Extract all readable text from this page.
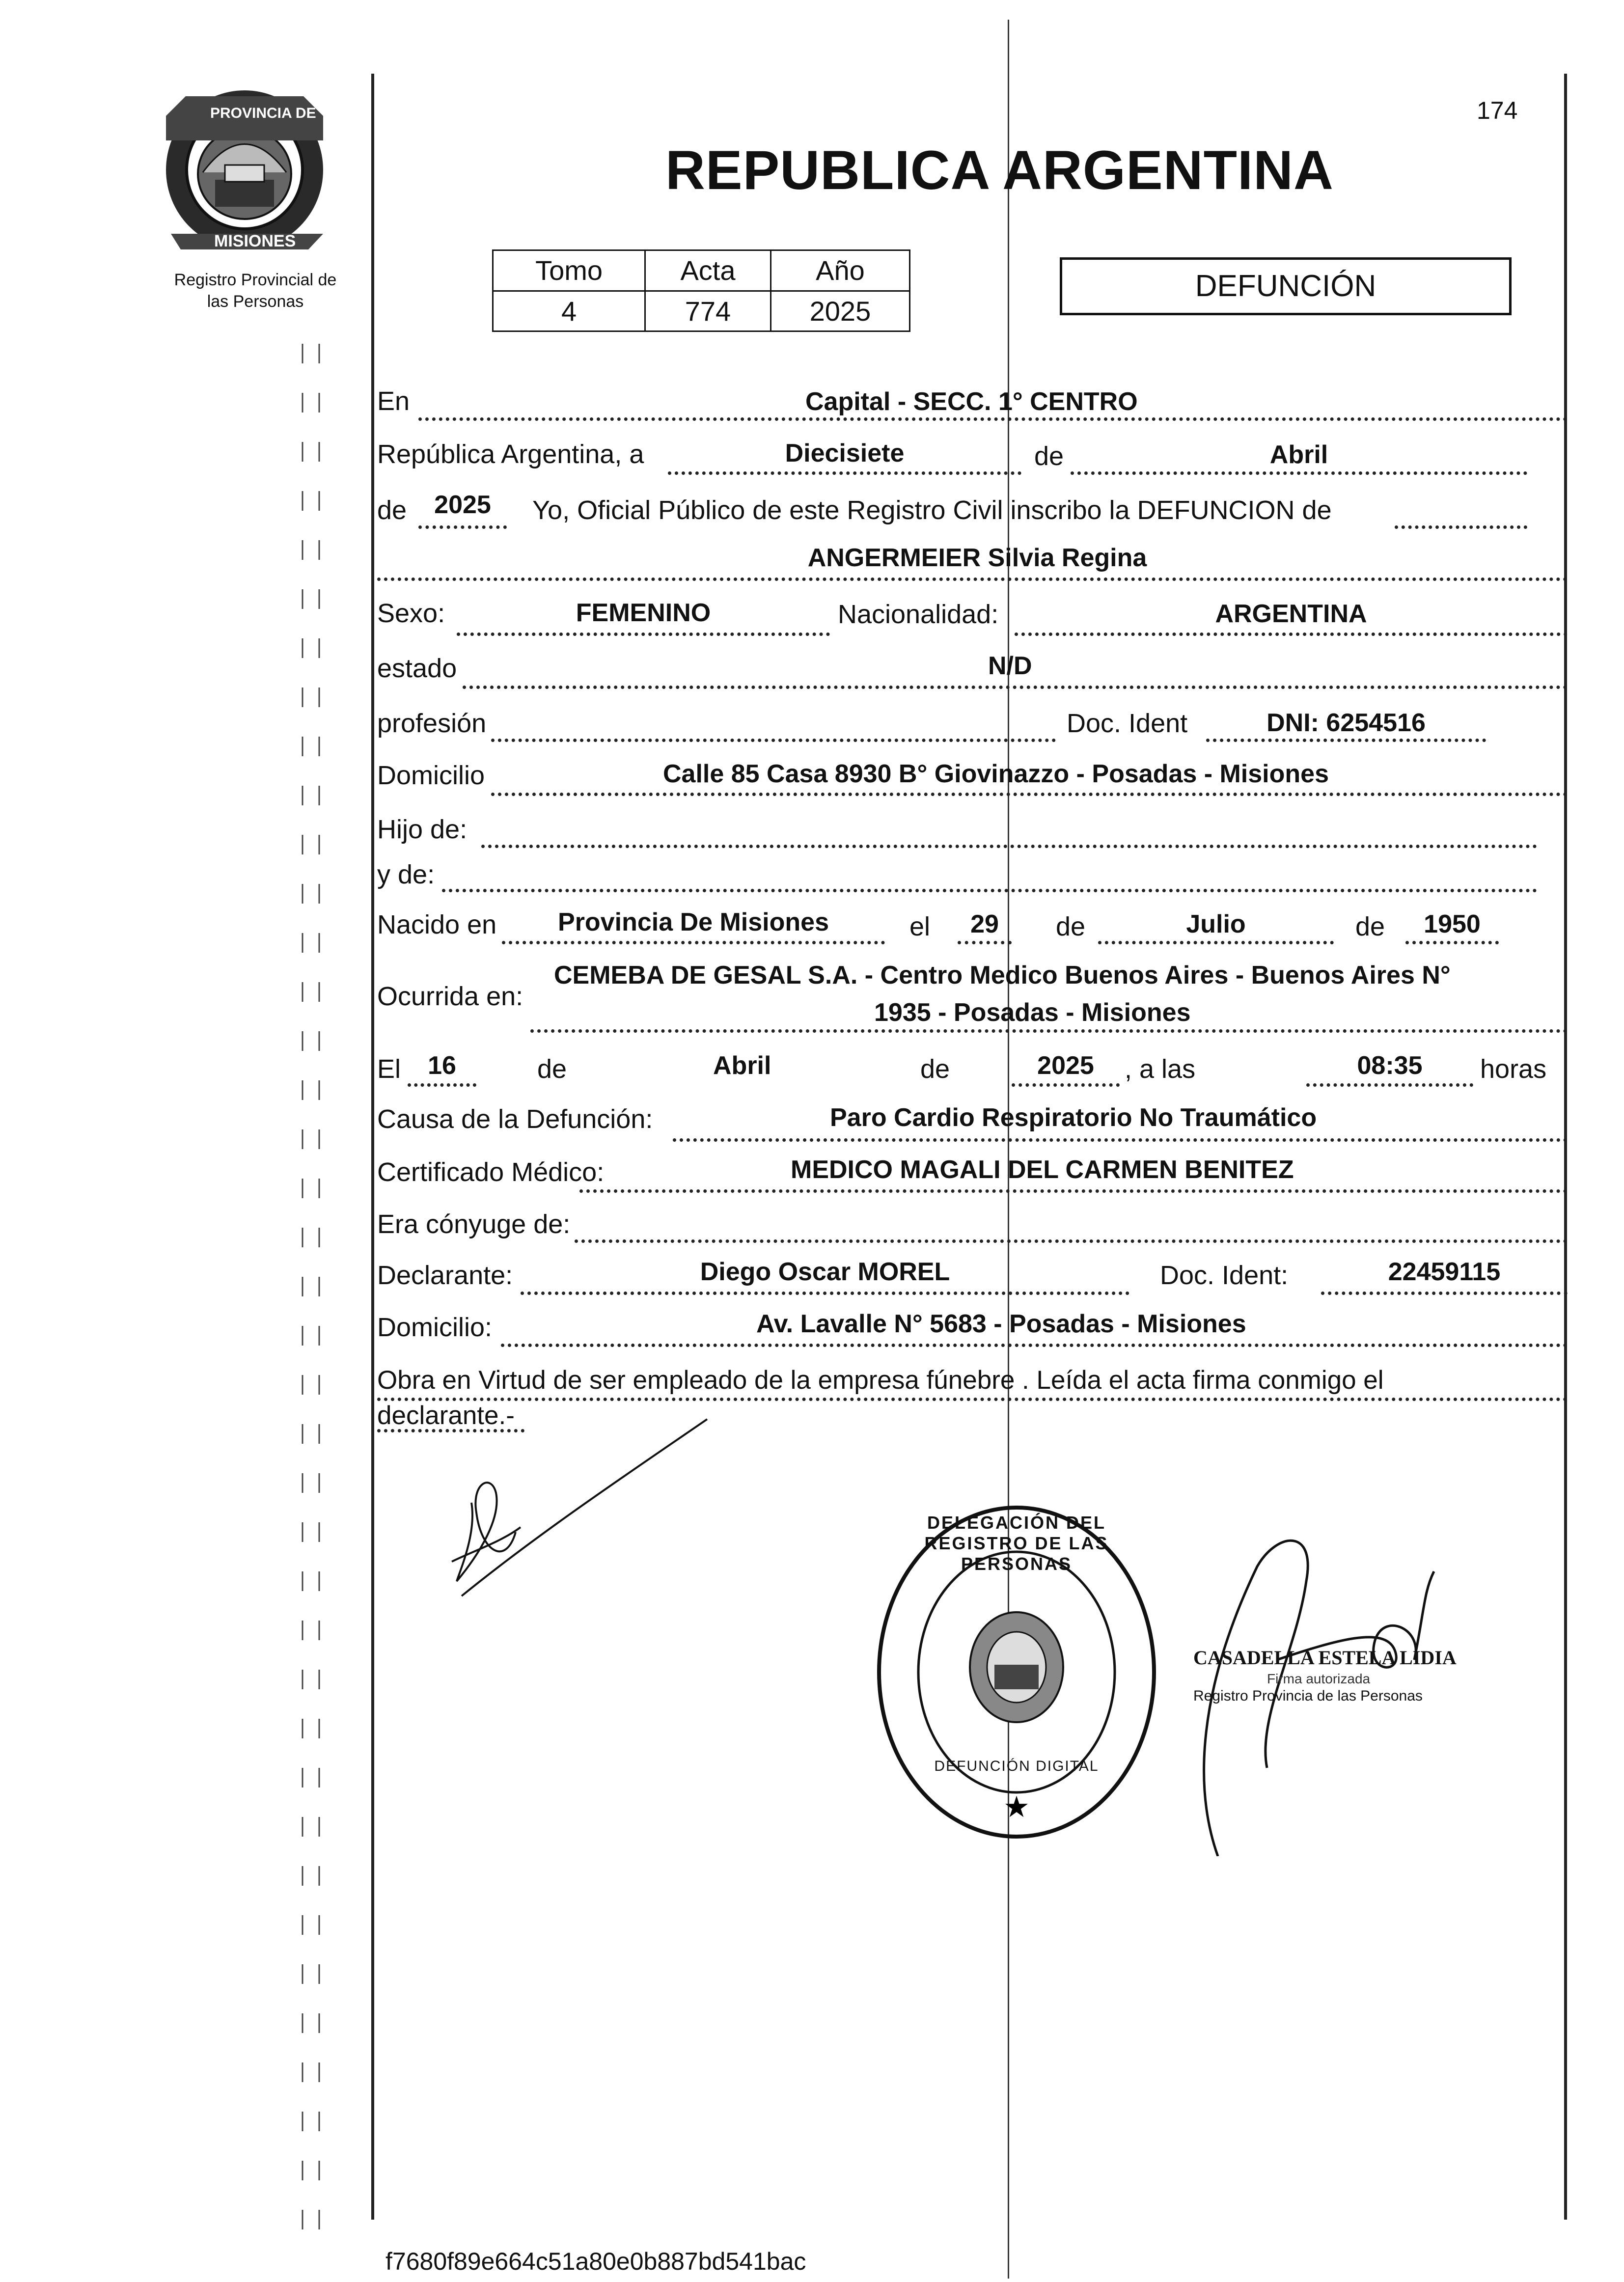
PROVINCIA DE
MISIONES
Registro Provincial de
las Personas
174
REPUBLICA ARGENTINA
Tomo	Acta	Año
4	774	2025
DEFUNCIÓN
En	Capital - SECC. 1° CENTRO
República Argentina, a	Diecisiete	de	Abril
de	2025	Yo, Oficial Público de este Registro Civil inscribo la DEFUNCION de
ANGERMEIER Silvia Regina
Sexo:	FEMENINO	Nacionalidad:	ARGENTINA
estado	N/D
profesión	Doc. Ident	DNI: 6254516
Domicilio	Calle 85 Casa 8930 B° Giovinazzo - Posadas - Misiones
Hijo de:
y de:
Nacido en	Provincia De Misiones	el	29	de	Julio	de	1950
Ocurrida en:
CEMEBA DE GESAL S.A. - Centro Medico Buenos Aires - Buenos Aires N°
1935 - Posadas - Misiones
El	16	de	Abril	de	2025	, a las	08:35	horas
Causa de la Defunción:	Paro Cardio Respiratorio No Traumático
Certificado Médico:	MEDICO MAGALI DEL CARMEN BENITEZ
Era cónyuge de:
Declarante:	Diego Oscar MOREL	Doc. Ident:	22459115
Domicilio:	Av. Lavalle N° 5683 - Posadas - Misiones
Obra en Virtud de ser empleado de la empresa fúnebre . Leída el acta firma conmigo el
declarante.-
★
DELEGACIÓN DEL REGISTRO DE LAS PERSONAS
DEFUNCIÓN DIGITAL
CASADELLA ESTELA LIDIA
Firma autorizada
Registro Provincia de las Personas
f7680f89e664c51a80e0b887bd541bac
